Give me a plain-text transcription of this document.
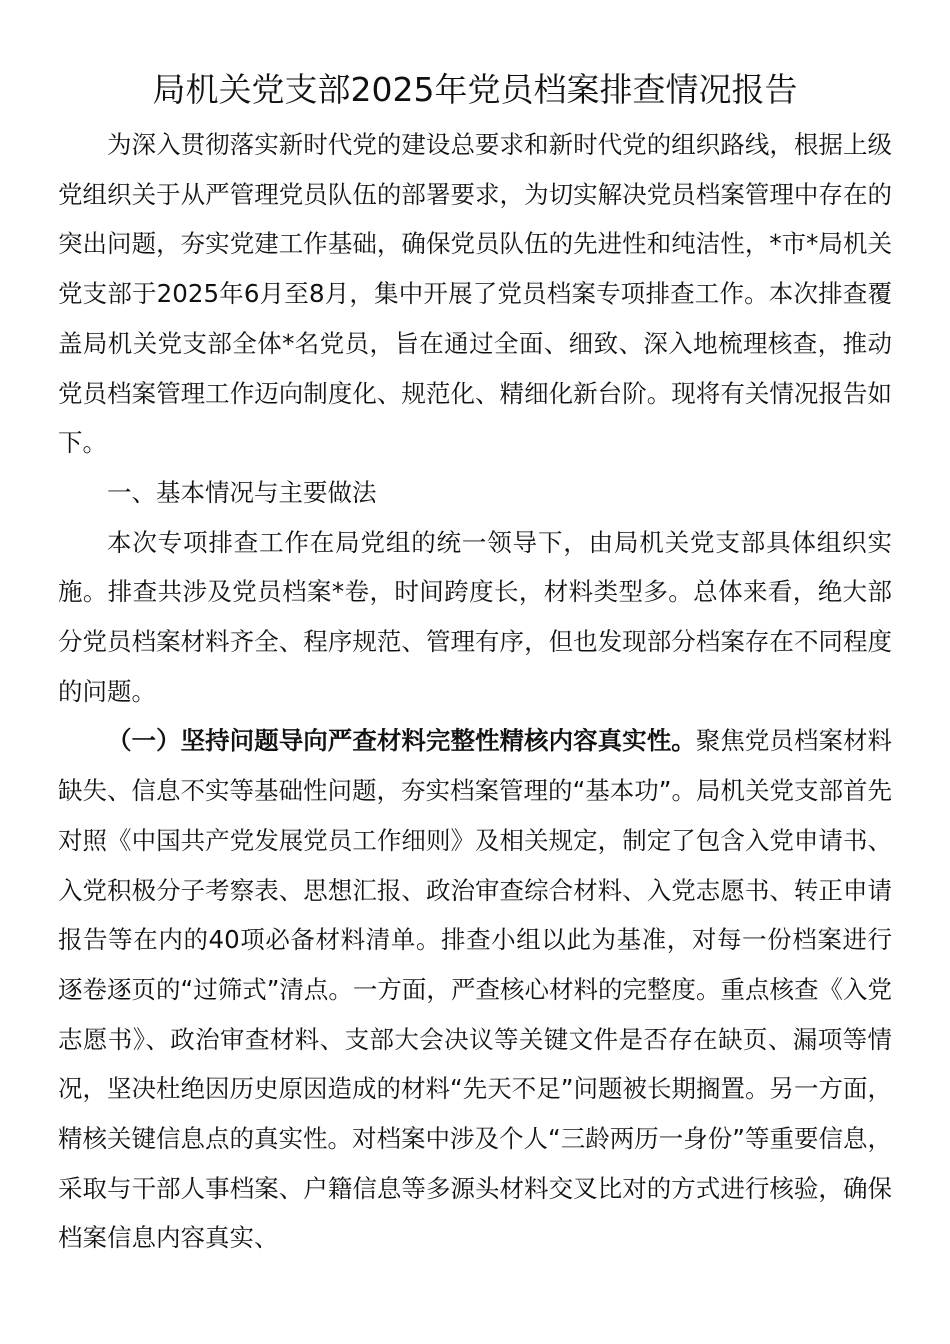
局机关党支部2025年党员档案排查情况报告

为深入贯彻落实新时代党的建设总要求和新时代党的组织路线，根据上级党组织关于从严管理党员队伍的部署要求，为切实解决党员档案管理中存在的突出问题，夯实党建工作基础，确保党员队伍的先进性和纯洁性，*市*局机关党支部于2025年6月至8月，集中开展了党员档案专项排查工作。本次排查覆盖局机关党支部全体*名党员，旨在通过全面、细致、深入地梳理核查，推动党员档案管理工作迈向制度化、规范化、精细化新台阶。现将有关情况报告如下。

一、基本情况与主要做法

本次专项排查工作在局党组的统一领导下，由局机关党支部具体组织实施。排查共涉及党员档案*卷，时间跨度长，材料类型多。总体来看，绝大部分党员档案材料齐全、程序规范、管理有序，但也发现部分档案存在不同程度的问题。

（一）坚持问题导向严查材料完整性精核内容真实性。聚焦党员档案材料缺失、信息不实等基础性问题，夯实档案管理的“基本功”。局机关党支部首先对照《中国共产党发展党员工作细则》及相关规定，制定了包含入党申请书、入党积极分子考察表、思想汇报、政治审查综合材料、入党志愿书、转正申请报告等在内的40项必备材料清单。排查小组以此为基准，对每一份档案进行逐卷逐页的“过筛式”清点。一方面，严查核心材料的完整度。重点核查《入党志愿书》、政治审查材料、支部大会决议等关键文件是否存在缺页、漏项等情况，坚决杜绝因历史原因造成的材料“先天不足”问题被长期搁置。另一方面，精核关键信息点的真实性。对档案中涉及个人“三龄两历一身份”等重要信息，采取与干部人事档案、户籍信息等多源头材料交叉比对的方式进行核验，确保档案信息内容真实、
